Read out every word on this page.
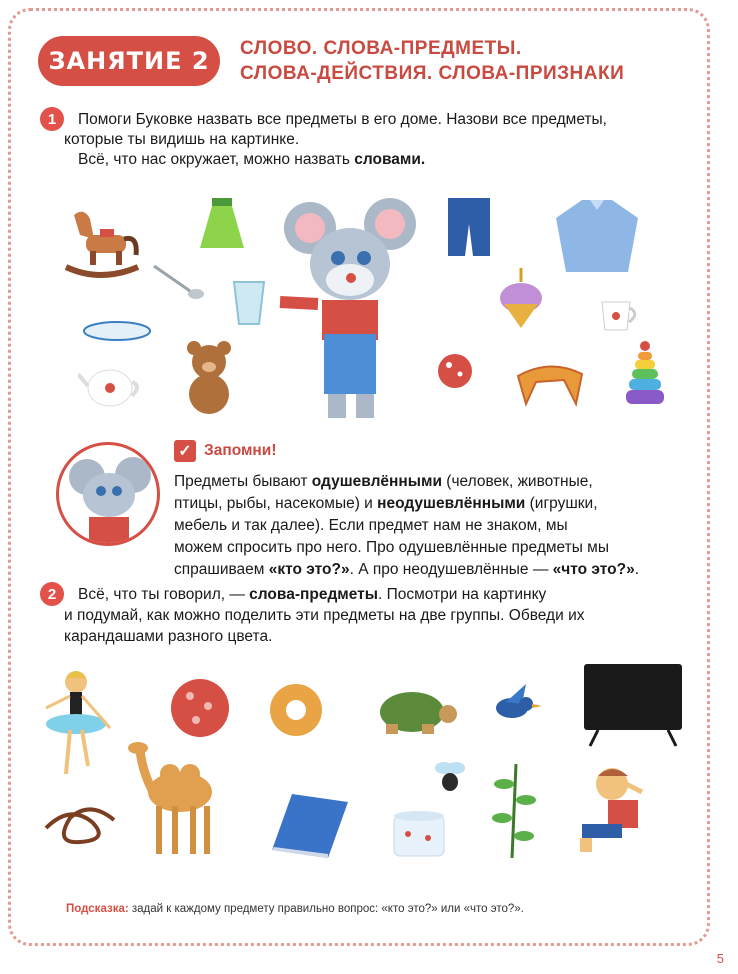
ЗАНЯТИЕ 2	СЛОВО. СЛОВА-ПРЕДМЕТЫ.
СЛОВА-ДЕЙСТВИЯ. СЛОВА-ПРИЗНАКИ
1	Помоги Буковке назвать все предметы в его доме. Назови все предметы,
которые ты видишь на картинке.
Всё, что нас окружает, можно назвать словами.
✓ Запомни!
Предметы бывают одушевлёнными (человек, животные,
птицы, рыбы, насекомые) и неодушевлёнными (игрушки,
мебель и так далее). Если предмет нам не знаком, мы
можем спросить про него. Про одушевлённые предметы мы
спрашиваем «кто это?». А про неодушевлённые — «что это?».
2	Всё, что ты говорил, — слова-предметы. Посмотри на картинку
и подумай, как можно поделить эти предметы на две группы. Обведи их
карандашами разного цвета.
Подсказка: задай к каждому предмету правильно вопрос: «кто это?» или «что это?».
5
